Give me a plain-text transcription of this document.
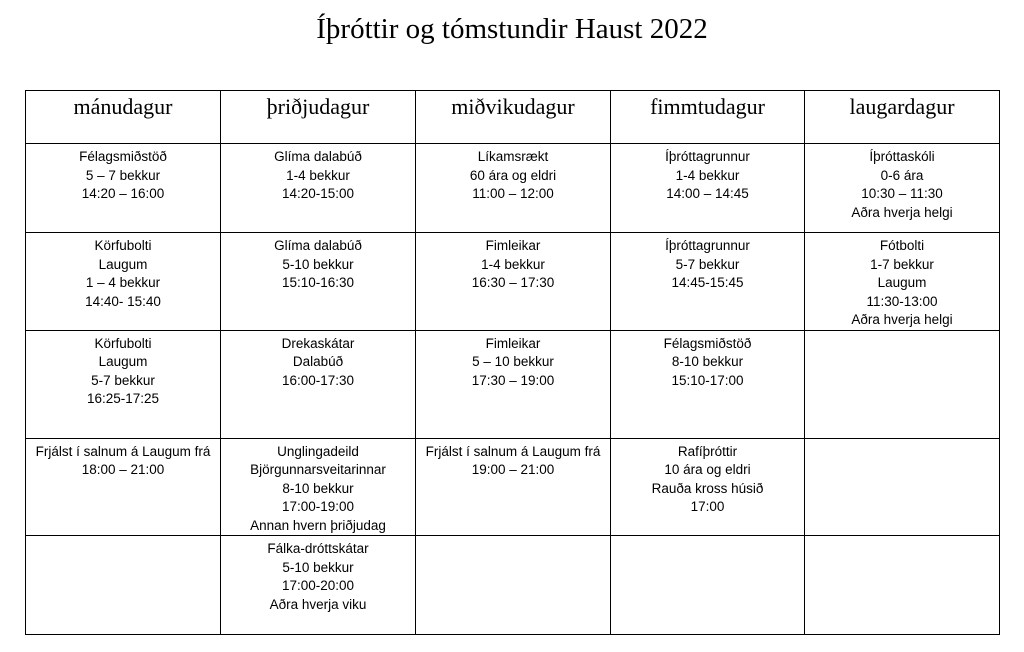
Íþróttir og tómstundir Haust 2022
mánudagur	þriðjudagur	miðvikudagur	fimmtudagur	laugardagur

Félagsmiðstöð
5 – 7 bekkur
14:20 – 16:00	Glíma dalabúð
1-4 bekkur
14:20-15:00	Líkamsrækt
60 ára og eldri
11:00 – 12:00	Íþróttagrunnur
1-4 bekkur
14:00 – 14:45	Íþróttaskóli
0-6 ára
10:30 – 11:30
Aðra hverja helgi

Körfubolti
Laugum
1 – 4 bekkur
14:40- 15:40	Glíma dalabúð
5-10 bekkur
15:10-16:30	Fimleikar
1-4 bekkur
16:30 – 17:30	Íþróttagrunnur
5-7 bekkur
14:45-15:45	Fótbolti
1-7 bekkur
Laugum
11:30-13:00
Aðra hverja helgi

Körfubolti
Laugum
5-7 bekkur
16:25-17:25	Drekaskátar
Dalabúð
16:00-17:30	Fimleikar
5 – 10 bekkur
17:30 – 19:00	Félagsmiðstöð
8-10 bekkur
15:10-17:00	

Frjálst í salnum á Laugum frá
18:00 – 21:00	Unglingadeild
Björgunnarsveitarinnar
8-10 bekkur
17:00-19:00
Annan hvern þriðjudag	Frjálst í salnum á Laugum frá
19:00 – 21:00	Rafíþróttir
10 ára og eldri
Rauða kross húsið
17:00	

	Fálka-dróttskátar
5-10 bekkur
17:00-20:00
Aðra hverja viku			
